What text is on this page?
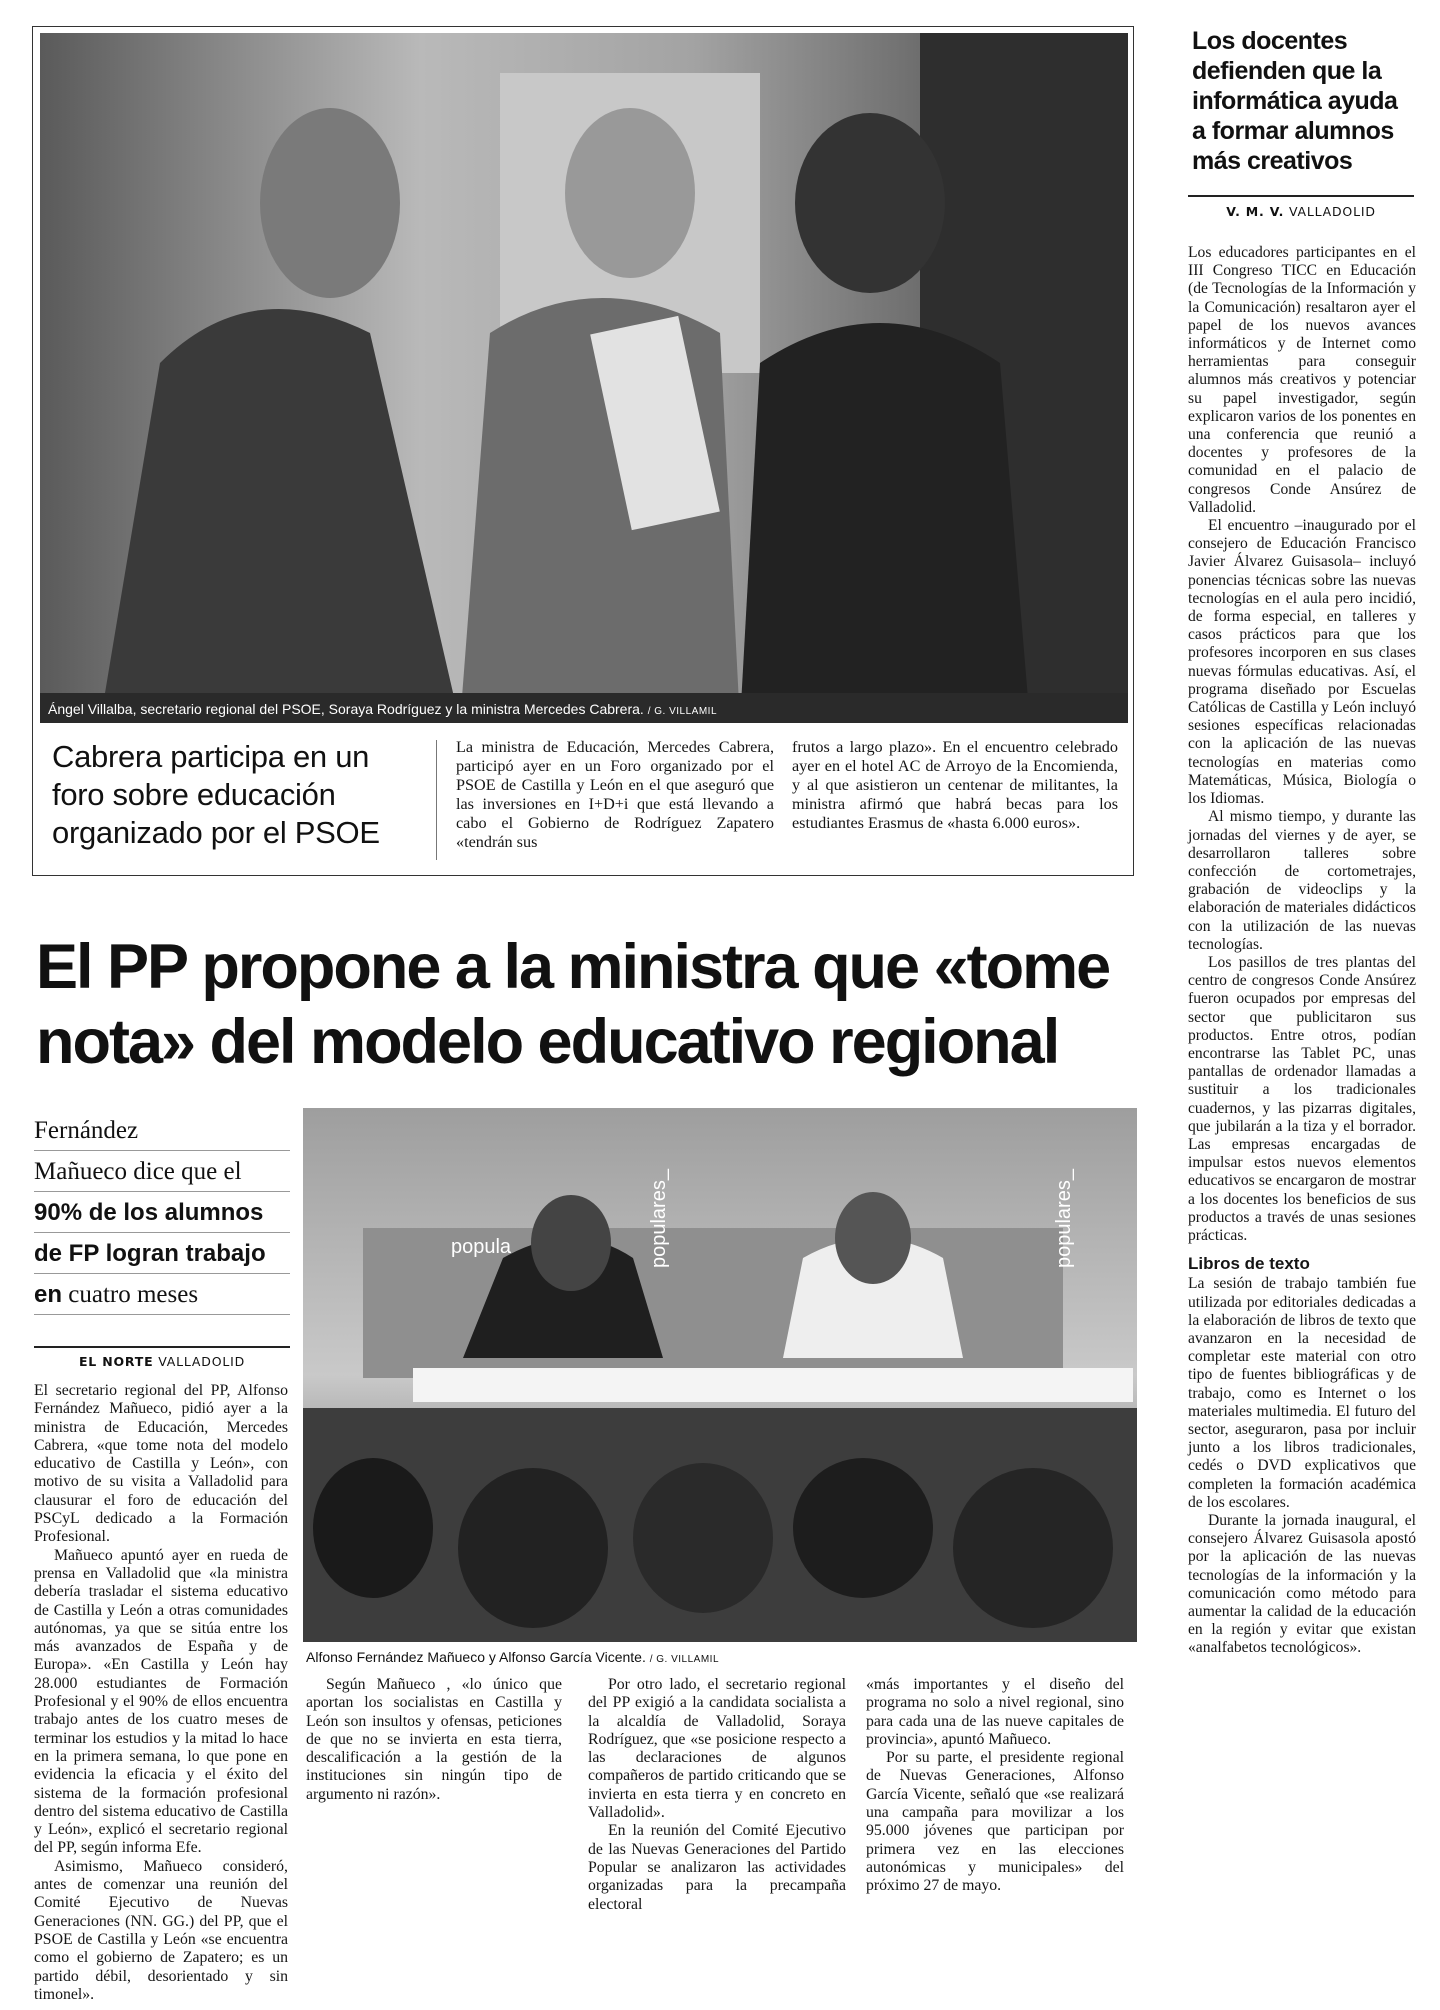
Ángel Villalba, secretario regional del PSOE, Soraya Rodríguez y la ministra Mercedes Cabrera. / G. VILLAMIL
Cabrera participa en un
foro sobre educación
organizado por el PSOE

La ministra de Educación, Mercedes Cabrera, participó ayer en un Foro organizado por el PSOE de Castilla y León en el que aseguró que las inversiones en I+D+i que está llevando a cabo el Gobierno de Rodríguez Zapatero «tendrán sus

frutos a largo plazo». En el encuentro celebrado ayer en el hotel AC de Arroyo de la Encomienda, y al que asistieron un centenar de militantes, la ministra afirmó que habrá becas para los estudiantes Erasmus de «hasta 6.000 euros».

Los docentes
defienden que la
informática ayuda
a formar alumnos
más creativos
V. M. V. VALLADOLID

Los educadores participantes en el III Congreso TICC en Educación (de Tecnologías de la Información y la Comunicación) resaltaron ayer el papel de los nuevos avances informáticos y de Internet como herramientas para conseguir alumnos más creativos y potenciar su papel investigador, según explicaron varios de los ponentes en una conferencia que reunió a docentes y profesores de la comunidad en el palacio de congresos Conde Ansúrez de Valladolid.

El encuentro –inaugurado por el consejero de Educación Francisco Javier Álvarez Guisasola– incluyó ponencias técnicas sobre las nuevas tecnologías en el aula pero incidió, de forma especial, en talleres y casos prácticos para que los profesores incorporen en sus clases nuevas fórmulas educativas. Así, el programa diseñado por Escuelas Católicas de Castilla y León incluyó sesiones específicas relacionadas con la aplicación de las nuevas tecnologías en materias como Matemáticas, Música, Biología o los Idiomas.

Al mismo tiempo, y durante las jornadas del viernes y de ayer, se desarrollaron talleres sobre confección de cortometrajes, grabación de videoclips y la elaboración de materiales didácticos con la utilización de las nuevas tecnologías.

Los pasillos de tres plantas del centro de congresos Conde Ansúrez fueron ocupados por empresas del sector que publicitaron sus productos. Entre otros, podían encontrarse las Tablet PC, unas pantallas de ordenador llamadas a sustituir a los tradicionales cuadernos, y las pizarras digitales, que jubilarán a la tiza y el borrador. Las empresas encargadas de impulsar estos nuevos elementos educativos se encargaron de mostrar a los docentes los beneficios de sus productos a través de unas sesiones prácticas.

Libros de texto

La sesión de trabajo también fue utilizada por editoriales dedicadas a la elaboración de libros de texto que avanzaron en la necesidad de completar este material con otro tipo de fuentes bibliográficas y de trabajo, como es Internet o los materiales multimedia. El futuro del sector, aseguraron, pasa por incluir junto a los libros tradicionales, cedés o DVD explicativos que completen la formación académica de los escolares.

Durante la jornada inaugural, el consejero Álvarez Guisasola apostó por la aplicación de las nuevas tecnologías de la información y la comunicación como método para aumentar la calidad de la educación en la región y evitar que existan «analfabetos tecnológicos».

El PP propone a la ministra que «tome
nota» del modelo educativo regional
Fernández
Mañueco dice que el
90% de los alumnos
de FP logran trabajo
en cuatro meses
EL NORTE VALLADOLID
popula	populares_	populares_
Alfonso Fernández Mañueco y Alfonso García Vicente. / G. VILLAMIL

El secretario regional del PP, Alfonso Fernández Mañueco, pidió ayer a la ministra de Educación, Mercedes Cabrera, «que tome nota del modelo educativo de Castilla y León», con motivo de su visita a Valladolid para clausurar el foro de educación del PSCyL dedicado a la Formación Profesional.

Mañueco apuntó ayer en rueda de prensa en Valladolid que «la ministra debería trasladar el sistema educativo de Castilla y León a otras comunidades autónomas, ya que se sitúa entre los más avanzados de España y de Europa». «En Castilla y León hay 28.000 estudiantes de Formación Profesional y el 90% de ellos encuentra trabajo antes de los cuatro meses de terminar los estudios y la mitad lo hace en la primera semana, lo que pone en evidencia la eficacia y el éxito del sistema de la formación profesional dentro del sistema educativo de Castilla y León», explicó el secretario regional del PP, según informa Efe.

Asimismo, Mañueco consideró, antes de comenzar una reunión del Comité Ejecutivo de Nuevas Generaciones (NN. GG.) del PP, que el PSOE de Castilla y León «se encuentra como el gobierno de Zapatero; es un partido débil, desorientado y sin timonel».

Según Mañueco , «lo único que aportan los socialistas en Castilla y León son insultos y ofensas, peticiones de que no se invierta en esta tierra, descalificación a la gestión de la instituciones sin ningún tipo de argumento ni razón».

Por otro lado, el secretario regional del PP exigió a la candidata socialista a la alcaldía de Valladolid, Soraya Rodríguez, que «se posicione respecto a las declaraciones de algunos compañeros de partido criticando que se invierta en esta tierra y en concreto en Valladolid».

En la reunión del Comité Ejecutivo de las Nuevas Generaciones del Partido Popular se analizaron las actividades organizadas para la precampaña electoral

«más importantes y el diseño del programa no solo a nivel regional, sino para cada una de las nueve capitales de provincia», apuntó Mañueco.

Por su parte, el presidente regional de Nuevas Generaciones, Alfonso García Vicente, señaló que «se realizará una campaña para movilizar a los 95.000 jóvenes que participan por primera vez en las elecciones autonómicas y municipales» del próximo 27 de mayo.
